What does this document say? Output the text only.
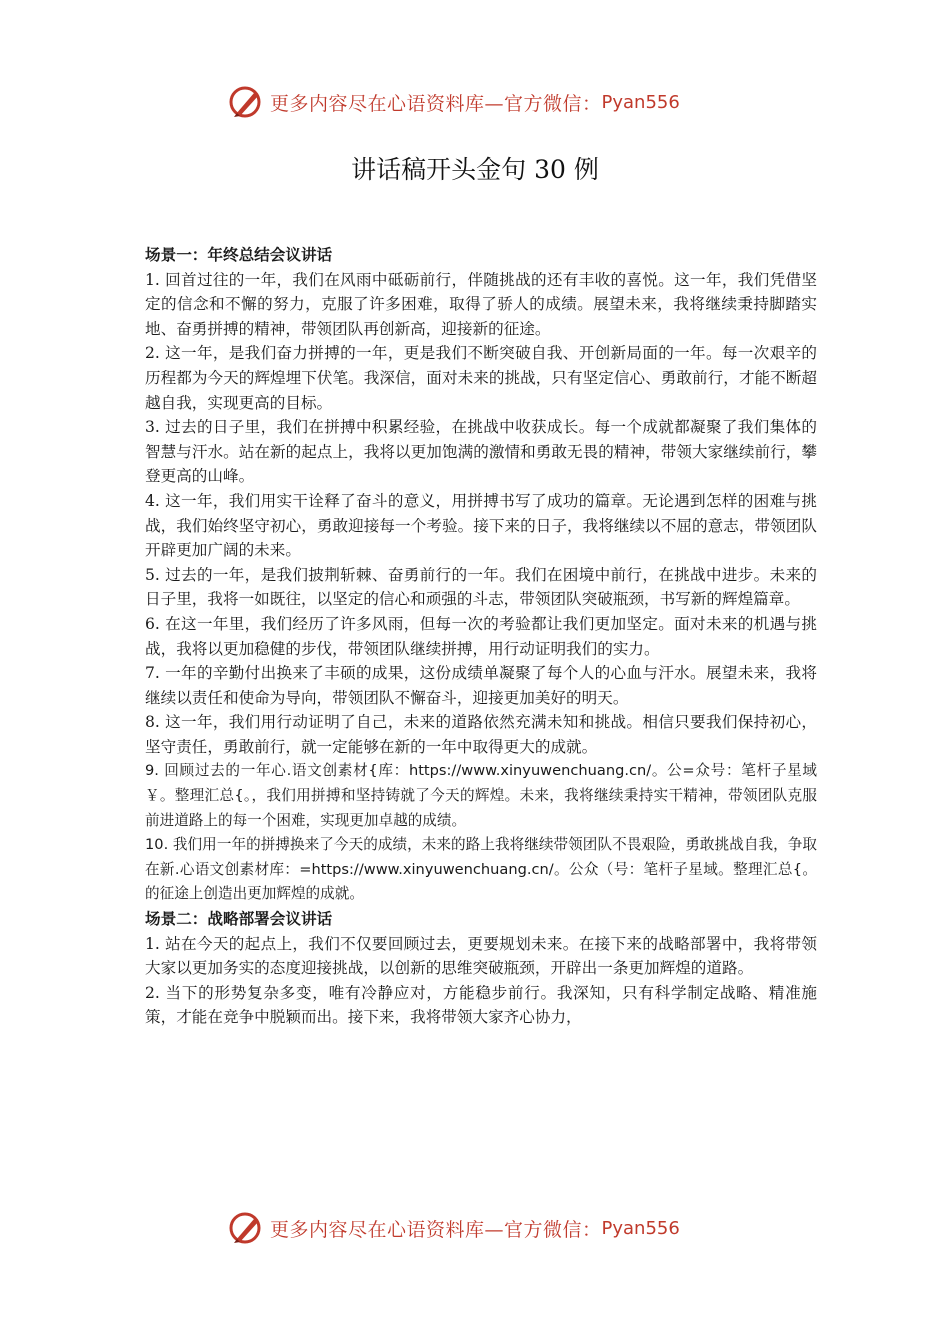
更多内容尽在心语资料库—官方微信： Pyan556
讲话稿开头金句 30 例

场景一：年终总结会议讲话

1. 回首过往的一年，我们在风雨中砥砺前行，伴随挑战的还有丰收的喜悦。这一年，我们凭借坚定的信念和不懈的努力，克服了许多困难，取得了骄人的成绩。展望未来，我将继续秉持脚踏实地、奋勇拼搏的精神，带领团队再创新高，迎接新的征途。

2. 这一年，是我们奋力拼搏的一年，更是我们不断突破自我、开创新局面的一年。每一次艰辛的历程都为今天的辉煌埋下伏笔。我深信，面对未来的挑战，只有坚定信心、勇敢前行，才能不断超越自我，实现更高的目标。

3. 过去的日子里，我们在拼搏中积累经验，在挑战中收获成长。每一个成就都凝聚了我们集体的智慧与汗水。站在新的起点上，我将以更加饱满的激情和勇敢无畏的精神，带领大家继续前行，攀登更高的山峰。

4. 这一年，我们用实干诠释了奋斗的意义，用拼搏书写了成功的篇章。无论遇到怎样的困难与挑战，我们始终坚守初心，勇敢迎接每一个考验。接下来的日子，我将继续以不屈的意志，带领团队开辟更加广阔的未来。

5. 过去的一年，是我们披荆斩棘、奋勇前行的一年。我们在困境中前行，在挑战中进步。未来的日子里，我将一如既往，以坚定的信心和顽强的斗志，带领团队突破瓶颈，书写新的辉煌篇章。

6. 在这一年里，我们经历了许多风雨，但每一次的考验都让我们更加坚定。面对未来的机遇与挑战，我将以更加稳健的步伐，带领团队继续拼搏，用行动证明我们的实力。

7. 一年的辛勤付出换来了丰硕的成果，这份成绩单凝聚了每个人的心血与汗水。展望未来，我将继续以责任和使命为导向，带领团队不懈奋斗，迎接更加美好的明天。

8. 这一年，我们用行动证明了自己，未来的道路依然充满未知和挑战。相信只要我们保持初心，坚守责任，勇敢前行，就一定能够在新的一年中取得更大的成就。

9. 回顾过去的一年心.语文创素材{库：https://www.xinyuwenchuang.cn/。公=众号：笔杆子星域￥。整理汇总{。，我们用拼搏和坚持铸就了今天的辉煌。未来，我将继续秉持实干精神，带领团队克服前进道路上的每一个困难，实现更加卓越的成绩。

10. 我们用一年的拼搏换来了今天的成绩，未来的路上我将继续带领团队不畏艰险，勇敢挑战自我，争取在新.心语文创素材库：=https://www.xinyuwenchuang.cn/。公众（号：笔杆子星域。整理汇总{。的征途上创造出更加辉煌的成就。

场景二：战略部署会议讲话

1. 站在今天的起点上，我们不仅要回顾过去，更要规划未来。在接下来的战略部署中，我将带领大家以更加务实的态度迎接挑战，以创新的思维突破瓶颈，开辟出一条更加辉煌的道路。

2. 当下的形势复杂多变，唯有冷静应对，方能稳步前行。我深知，只有科学制定战略、精准施策，才能在竞争中脱颖而出。接下来，我将带领大家齐心协力，

更多内容尽在心语资料库—官方微信： Pyan556
